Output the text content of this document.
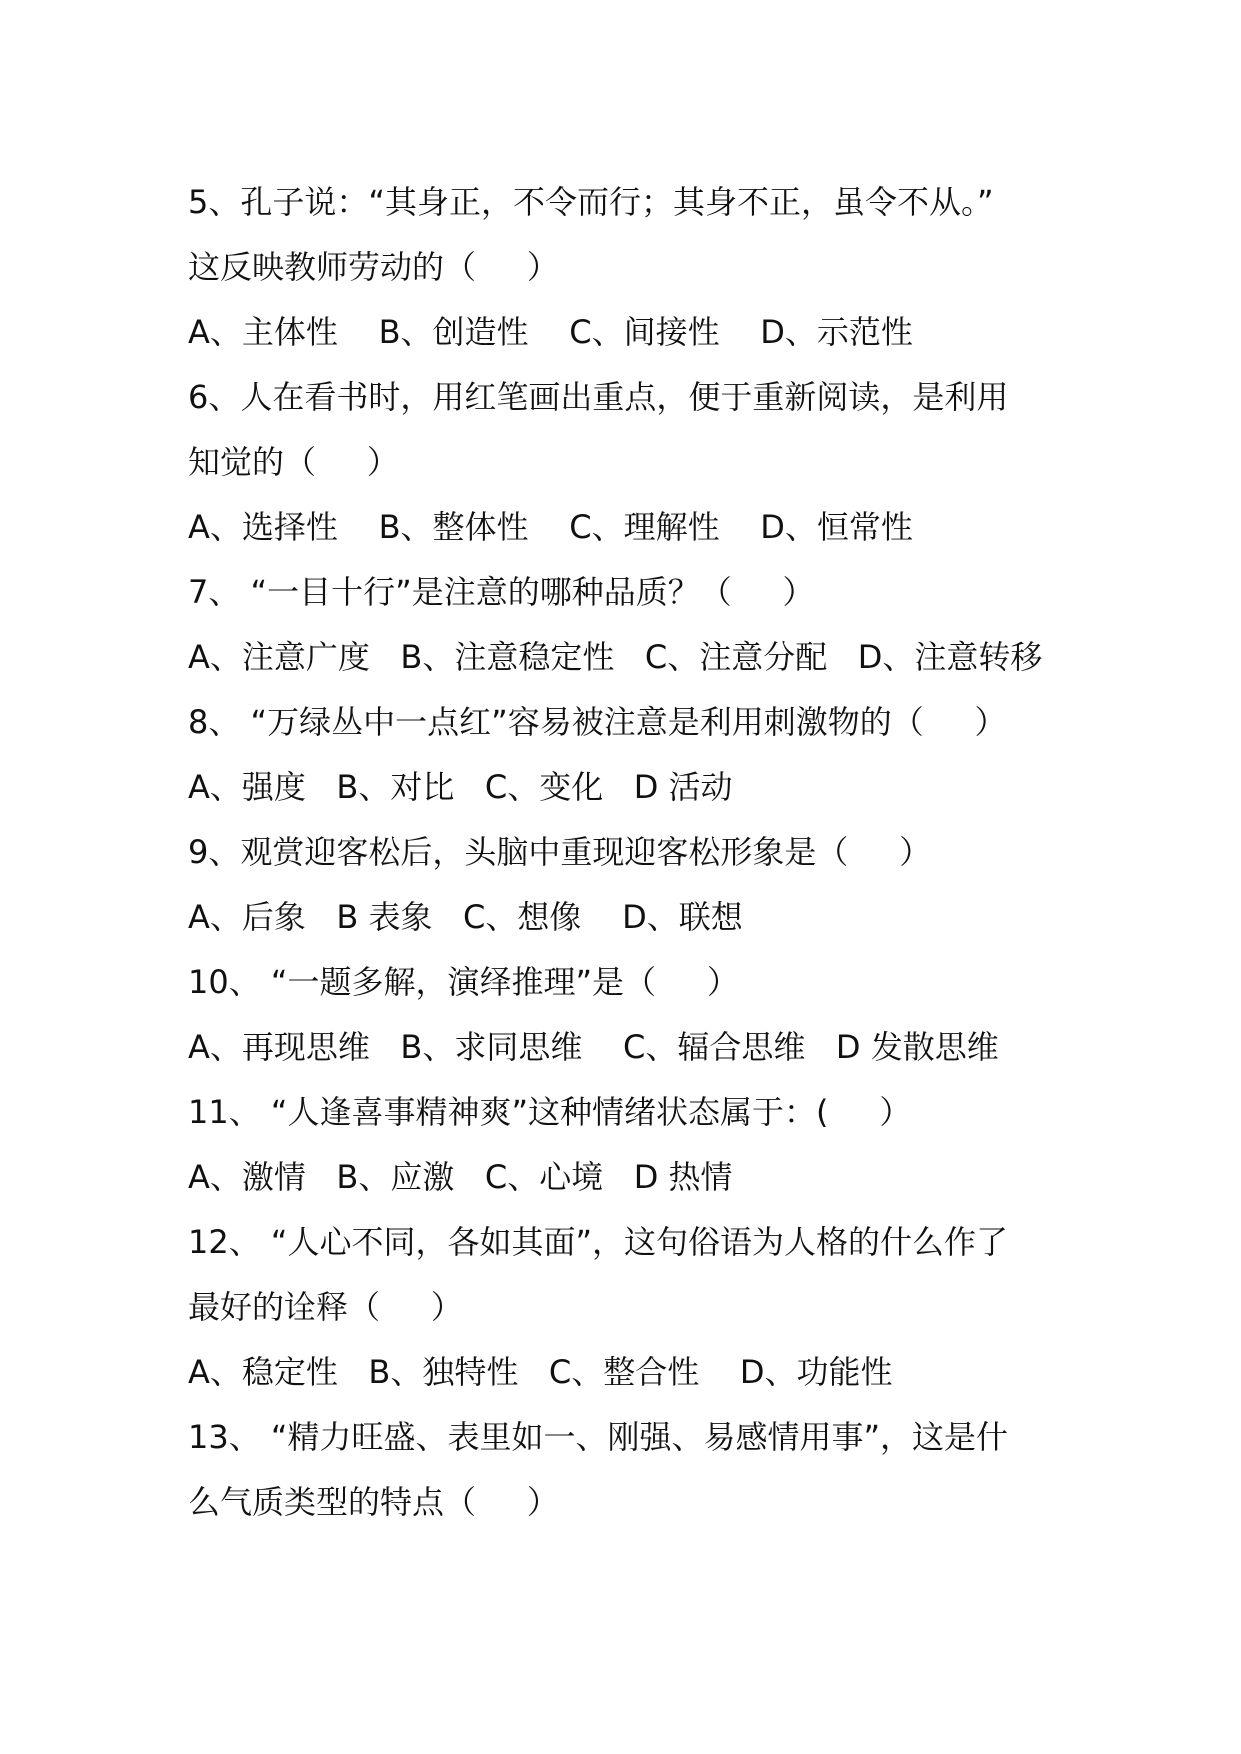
5、孔子说：“其身正，不令而行；其身不正，虽令不从。”
这反映教师劳动的（     ）
A、主体性    B、创造性    C、间接性    D、示范性
6、人在看书时，用红笔画出重点，便于重新阅读，是利用
知觉的（     ）
A、选择性    B、整体性    C、理解性    D、恒常性
7、 “一目十行”是注意的哪种品质？（     ）
A、注意广度   B、注意稳定性   C、注意分配   D、注意转移
8、 “万绿丛中一点红”容易被注意是利用刺激物的（     ）
A、强度   B、对比   C、变化   D 活动
9、观赏迎客松后，头脑中重现迎客松形象是（     ）
A、后象   B 表象   C、想像    D、联想
10、 “一题多解，演绎推理”是（     ）
A、再现思维   B、求同思维    C、辐合思维   D 发散思维
11、 “人逢喜事精神爽”这种情绪状态属于：(     ）
A、激情   B、应激   C、心境   D 热情
12、 “人心不同，各如其面”，这句俗语为人格的什么作了
最好的诠释（     ）
A、稳定性   B、独特性   C、整合性    D、功能性
13、 “精力旺盛、表里如一、刚强、易感情用事”，这是什
么气质类型的特点（     ）
